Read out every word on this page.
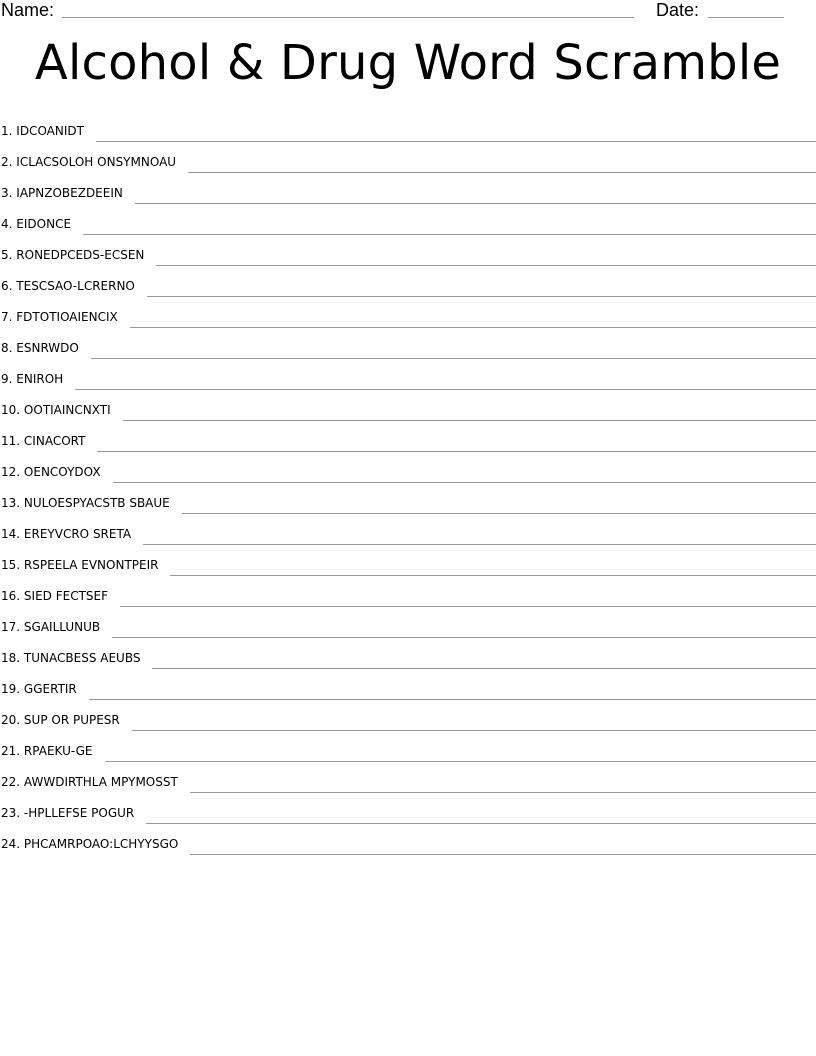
Name:	Date:
Alcohol & Drug Word Scramble
1.
IDCOANIDT
2.
ICLACSOLOH ONSYMNOAU
3.
IAPNZOBEZDEEIN
4.
EIDONCE
5.
RONEDPCEDS-ECSEN
6.
TESCSAO-LCRERNO
7.
FDTOTIOAIENCIX
8.
ESNRWDO
9.
ENIROH
10.
OOTIAINCNXTI
11.
CINACORT
12.
OENCOYDOX
13.
NULOESPYACSTB SBAUE
14.
EREYVCRO SRETA
15.
RSPEELA EVNONTPEIR
16.
SIED FECTSEF
17.
SGAILLUNUB
18.
TUNACBESS AEUBS
19.
GGERTIR
20.
SUP OR PUPESR
21.
RPAEKU-GE
22.
AWWDIRTHLA MPYMOSST
23.
-HPLLEFSE POGUR
24.
PHCAMRPOAO:LCHYYSGO
